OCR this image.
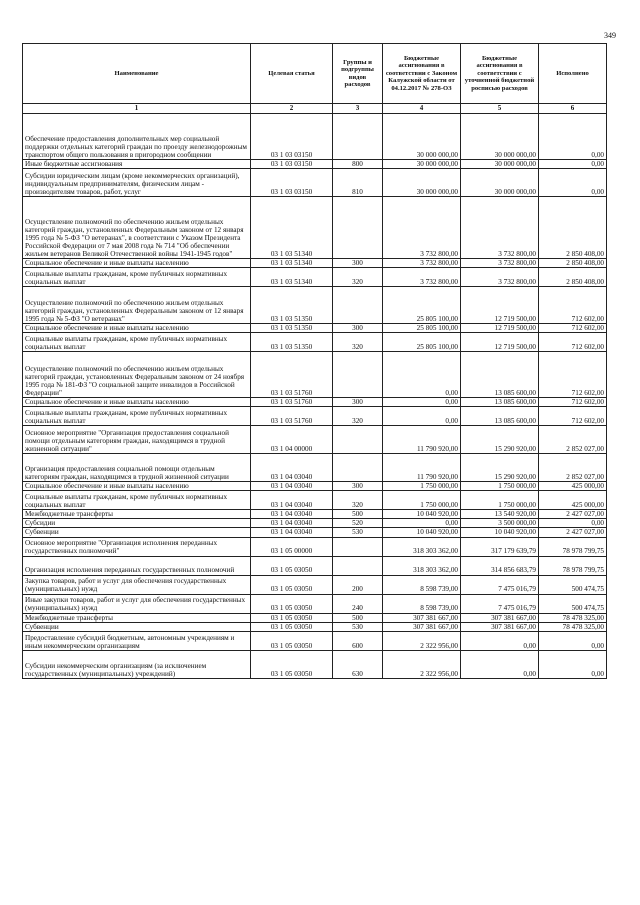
349
Наименование	Целевая статья	Группы и подгруппы видов расходов	Бюджетные ассигнования в соответствии с Законом Калужской области от 04.12.2017 № 278-ОЗ	Бюджетные ассигнования в соответствии с уточненной бюджетной росписью расходов	Исполнено
1	2	3	4	5	6
Обеспечение предоставления дополнительных мер социальной поддержки отдельных категорий граждан по проезду железнодорожным транспортом общего пользования в пригородном сообщении	03 1 03 03150		30 000 000,00	30 000 000,00	0,00
Иные бюджетные ассигнования	03 1 03 03150	800	30 000 000,00	30 000 000,00	0,00
Субсидии юридическим лицам (кроме некоммерческих организаций), индивидуальным предпринимателям, физическим лицам - производителям товаров, работ, услуг	03 1 03 03150	810	30 000 000,00	30 000 000,00	0,00
Осуществление полномочий по обеспечению жильем отдельных категорий граждан, установленных Федеральным законом от 12 января 1995 года № 5-ФЗ "О ветеранах", в соответствии с Указом Президента Российской Федерации от 7 мая 2008 года № 714 "Об обеспечении жильем ветеранов Великой Отечественной войны 1941-1945 годов"	03 1 03 51340		3 732 800,00	3 732 800,00	2 850 408,00
Социальное обеспечение и иные выплаты населению	03 1 03 51340	300	3 732 800,00	3 732 800,00	2 850 408,00
Социальные выплаты гражданам, кроме публичных нормативных социальных выплат	03 1 03 51340	320	3 732 800,00	3 732 800,00	2 850 408,00
Осуществление полномочий по обеспечению жильем отдельных категорий граждан, установленных Федеральным законом от 12 января 1995 года № 5-ФЗ "О ветеранах"	03 1 03 51350		25 805 100,00	12 719 500,00	712 602,00
Социальное обеспечение и иные выплаты населению	03 1 03 51350	300	25 805 100,00	12 719 500,00	712 602,00
Социальные выплаты гражданам, кроме публичных нормативных социальных выплат	03 1 03 51350	320	25 805 100,00	12 719 500,00	712 602,00
Осуществление полномочий по обеспечению жильем отдельных категорий граждан, установленных Федеральным законом от 24 ноября 1995 года № 181-ФЗ "О социальной защите инвалидов в Российской Федерации"	03 1 03 51760		0,00	13 085 600,00	712 602,00
Социальное обеспечение и иные выплаты населению	03 1 03 51760	300	0,00	13 085 600,00	712 602,00
Социальные выплаты гражданам, кроме публичных нормативных социальных выплат	03 1 03 51760	320	0,00	13 085 600,00	712 602,00
Основное мероприятие "Организация предоставления социальной помощи отдельным категориям граждан, находящимся в трудной жизненной ситуации"	03 1 04 00000		11 790 920,00	15 290 920,00	2 852 027,00
Организация предоставления социальной помощи отдельным категориям граждан, находящимся в трудной жизненной ситуации	03 1 04 03040		11 790 920,00	15 290 920,00	2 852 027,00
Социальное обеспечение и иные выплаты населению	03 1 04 03040	300	1 750 000,00	1 750 000,00	425 000,00
Социальные выплаты гражданам, кроме публичных нормативных социальных выплат	03 1 04 03040	320	1 750 000,00	1 750 000,00	425 000,00
Межбюджетные трансферты	03 1 04 03040	500	10 040 920,00	13 540 920,00	2 427 027,00
Субсидии	03 1 04 03040	520	0,00	3 500 000,00	0,00
Субвенции	03 1 04 03040	530	10 040 920,00	10 040 920,00	2 427 027,00
Основное мероприятие "Организация исполнения переданных государственных полномочий"	03 1 05 00000		318 303 362,00	317 179 639,79	78 978 799,75
Организация исполнения переданных государственных полномочий	03 1 05 03050		318 303 362,00	314 856 683,79	78 978 799,75
Закупка товаров, работ и услуг для обеспечения государственных (муниципальных) нужд	03 1 05 03050	200	8 598 739,00	7 475 016,79	500 474,75
Иные закупки товаров, работ и услуг для обеспечения государственных (муниципальных) нужд	03 1 05 03050	240	8 598 739,00	7 475 016,79	500 474,75
Межбюджетные трансферты	03 1 05 03050	500	307 381 667,00	307 381 667,00	78 478 325,00
Субвенции	03 1 05 03050	530	307 381 667,00	307 381 667,00	78 478 325,00
Предоставление субсидий бюджетным, автономным учреждениям и иным некоммерческим организациям	03 1 05 03050	600	2 322 956,00	0,00	0,00
Субсидии некоммерческим организациям (за исключением государственных (муниципальных) учреждений)	03 1 05 03050	630	2 322 956,00	0,00	0,00
